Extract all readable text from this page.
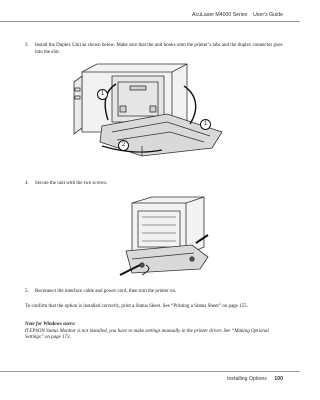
AcuLaser M4000 Series User's Guide
3. Install the Duplex Unit as shown below. Make sure that the unit hooks onto the printer’s tabs and the duplex connector goes into the slot.
1
1
2
4. Secure the unit with the two screws.
5. Reconnect the interface cable and power cord, then turn the printer on.
To confirm that the option is installed correctly, print a Status Sheet. See “Printing a Status Sheet” on page 155.
Note for Windows users:
If EPSON Status Monitor is not installed, you have to make settings manually in the printer driver. See “Making Optional Settings” on page 173.
Installing Options 100
